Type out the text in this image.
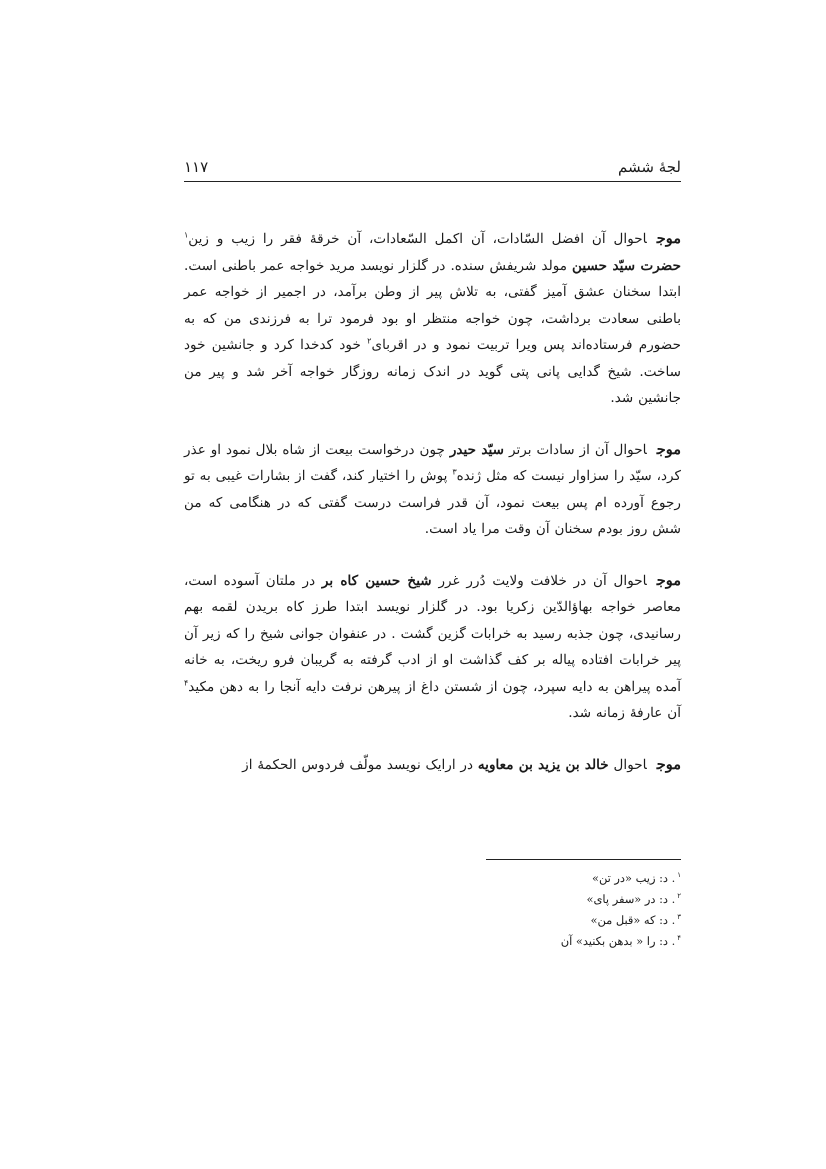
۱۱۷	لجهٔ ششم

موجاحوال آن افضل السّادات، آن اکمل السّعادات، آن خرقهٔ فقر را زیب و زین$^۱$ حضرت سیّد حسین مولد شریفش سنده. در گلزار نویسد مرید خواجه عمر باطنی است. ابتدا سخنان عشق آمیز گفتی، به تلاش پیر از وطن برآمد، در اجمیر از خواجه عمر باطنی سعادت برداشت، چون خواجه منتظر او بود فرمود ترا به فرزندی من که به حضورم فرستاده‌اند پس ویرا تربیت نمود و در اقربای$^۲$ خود کدخدا کرد و جانشین خود ساخت. شیخ گدایی پانی پتی گوید در اندک زمانه روزگار خواجه آخر شد و پیر من جانشین شد.

موجاحوال آن از سادات برتر سیّد حیدر چون درخواست بیعت از شاه بلال نمود او عذر کرد، سیّد را سزاوار نیست که مثل ژنده$^۳$ پوش را اختیار کند، گفت از بشارات غیبی به تو رجوع آورده ام پس بیعت نمود، آن قدر فراست درست گفتی که در هنگامی که من شش روز بودم سخنان آن وقت مرا یاد است.

موجاحوال آن در خلافت ولایت دُرر غرر شیخ حسین کاه بر در ملتان آسوده است، معاصر خواجه بهاؤالدّین زکریا بود. در گلزار نویسد ابتدا طرز کاه بریدن لقمه بهم رسانیدی، چون جذبه رسید به خرابات گزین گشت . در عنفوان جوانی شیخ را که زیر آن پیر خرابات افتاده پیاله بر کف گذاشت او از ادب گرفته به گریبان فرو ریخت، به خانه آمده پیراهن به دایه سپرد، چون از شستن داغ از پیرهن نرفت دایه آنجا را به دهن مکید$^۴$ آن عارفهٔ زمانه شد.

موجاحوال خالد بن یزید بن معاویه در ارایک نویسد مولّف فردوس الحکمهٔ از

$^۱$. د: زیب «در تن»
$^۲$. د: در «سفر پای»
$^۳$. د: که «قبل من»
$^۴$. د: را « بدهن بکنید» آن
